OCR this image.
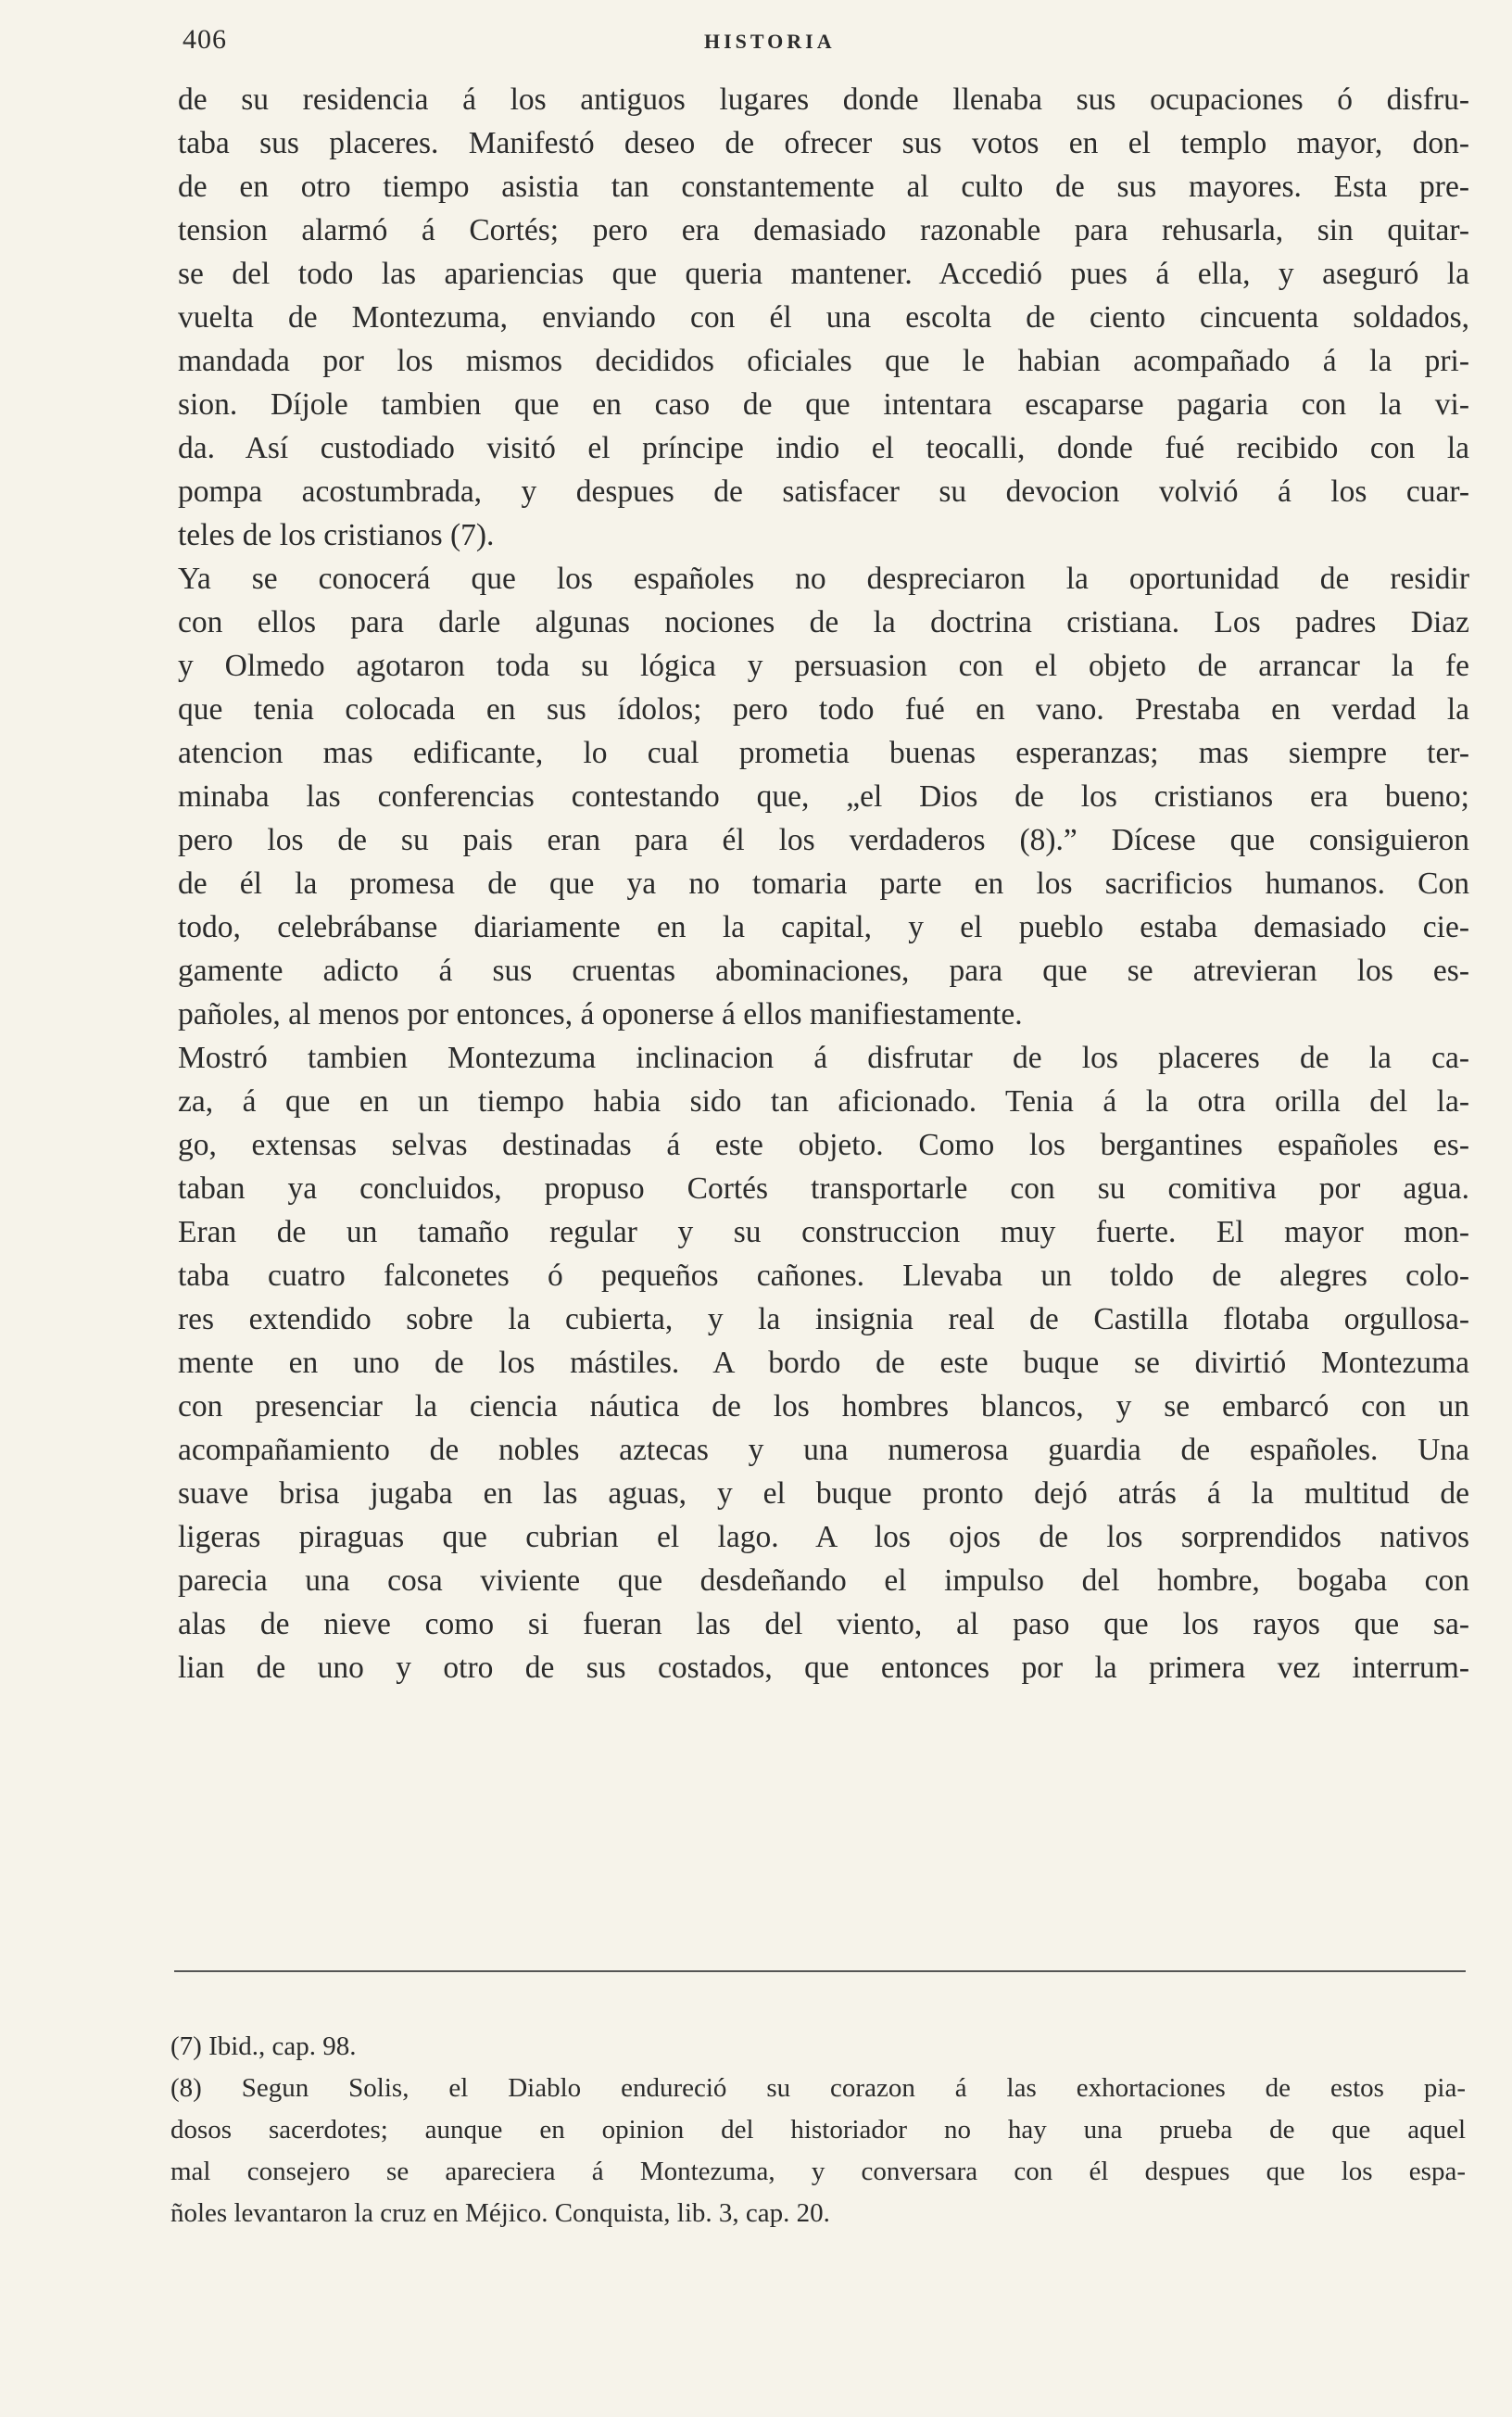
406	HISTORIA
de su residencia á los antiguos lugares donde llenaba sus ocupaciones ó disfru-
taba sus placeres. Manifestó deseo de ofrecer sus votos en el templo mayor, don-
de en otro tiempo asistia tan constantemente al culto de sus mayores. Esta pre-
tension alarmó á Cortés; pero era demasiado razonable para rehusarla, sin quitar-
se del todo las apariencias que queria mantener. Accedió pues á ella, y aseguró la
vuelta de Montezuma, enviando con él una escolta de ciento cincuenta soldados,
mandada por los mismos decididos oficiales que le habian acompañado á la pri-
sion. Díjole tambien que en caso de que intentara escaparse pagaria con la vi-
da. Así custodiado visitó el príncipe indio el teocalli, donde fué recibido con la
pompa acostumbrada, y despues de satisfacer su devocion volvió á los cuar-
teles de los cristianos (7).
Ya se conocerá que los españoles no despreciaron la oportunidad de residir
con ellos para darle algunas nociones de la doctrina cristiana. Los padres Diaz
y Olmedo agotaron toda su lógica y persuasion con el objeto de arrancar la fe
que tenia colocada en sus ídolos; pero todo fué en vano. Prestaba en verdad la
atencion mas edificante, lo cual prometia buenas esperanzas; mas siempre ter-
minaba las conferencias contestando que, „el Dios de los cristianos era bueno;
pero los de su pais eran para él los verdaderos (8).” Dícese que consiguieron
de él la promesa de que ya no tomaria parte en los sacrificios humanos. Con
todo, celebrábanse diariamente en la capital, y el pueblo estaba demasiado cie-
gamente adicto á sus cruentas abominaciones, para que se atrevieran los es-
pañoles, al menos por entonces, á oponerse á ellos manifiestamente.
Mostró tambien Montezuma inclinacion á disfrutar de los placeres de la ca-
za, á que en un tiempo habia sido tan aficionado. Tenia á la otra orilla del la-
go, extensas selvas destinadas á este objeto. Como los bergantines españoles es-
taban ya concluidos, propuso Cortés transportarle con su comitiva por agua.
Eran de un tamaño regular y su construccion muy fuerte. El mayor mon-
taba cuatro falconetes ó pequeños cañones. Llevaba un toldo de alegres colo-
res extendido sobre la cubierta, y la insignia real de Castilla flotaba orgullosa-
mente en uno de los mástiles. A bordo de este buque se divirtió Montezuma
con presenciar la ciencia náutica de los hombres blancos, y se embarcó con un
acompañamiento de nobles aztecas y una numerosa guardia de españoles. Una
suave brisa jugaba en las aguas, y el buque pronto dejó atrás á la multitud de
ligeras piraguas que cubrian el lago. A los ojos de los sorprendidos nativos
parecia una cosa viviente que desdeñando el impulso del hombre, bogaba con
alas de nieve como si fueran las del viento, al paso que los rayos que sa-
lian de uno y otro de sus costados, que entonces por la primera vez interrum-
(7) Ibid., cap. 98.
(8) Segun Solis, el Diablo endureció su corazon á las exhortaciones de estos pia-
dosos sacerdotes; aunque en opinion del historiador no hay una prueba de que aquel
mal consejero se apareciera á Montezuma, y conversara con él despues que los espa-
ñoles levantaron la cruz en Méjico. Conquista, lib. 3, cap. 20.
